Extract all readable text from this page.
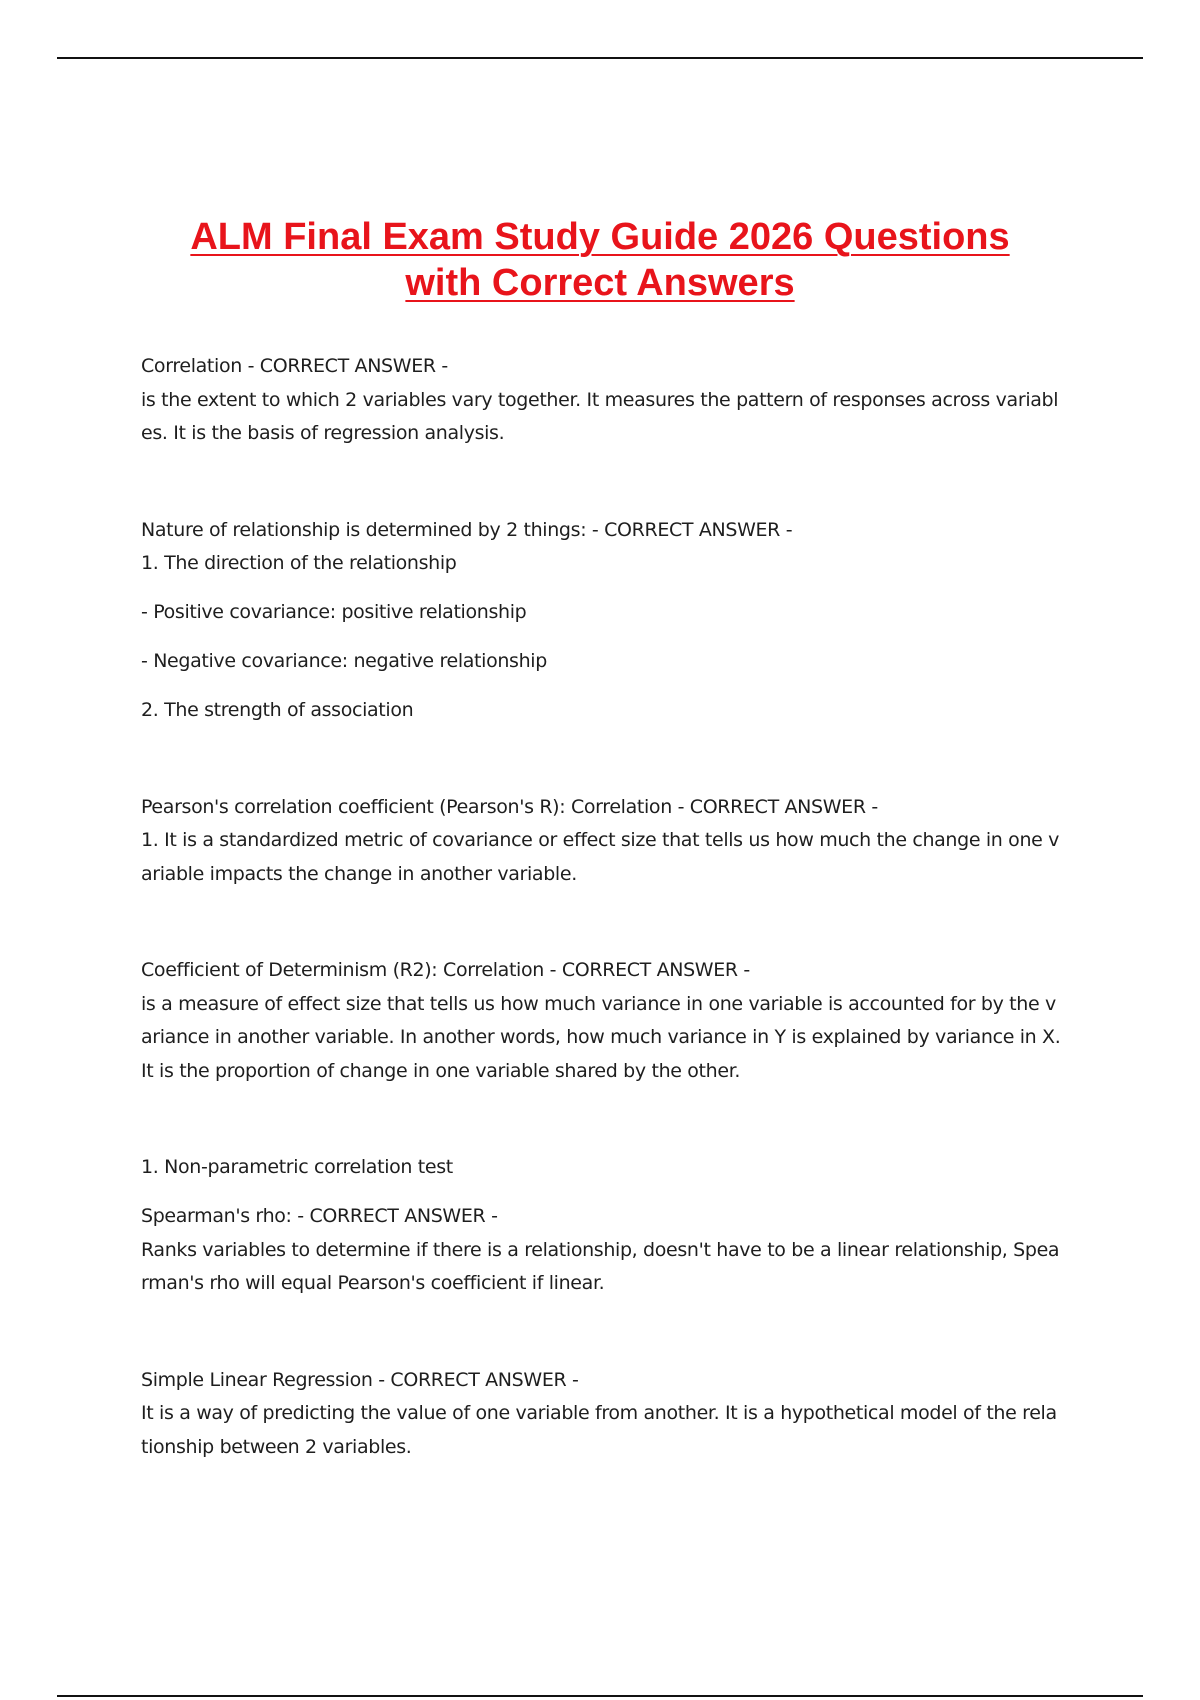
ALM Final Exam Study Guide 2026 Questions
with Correct Answers

Correlation - CORRECT ANSWER -

is the extent to which 2 variables vary together. It measures the pattern of responses across variables. It is the basis of regression analysis.

Nature of relationship is determined by 2 things: - CORRECT ANSWER -

1. The direction of the relationship

- Positive covariance: positive relationship

- Negative covariance: negative relationship

2. The strength of association

Pearson's correlation coefficient (Pearson's R): Correlation - CORRECT ANSWER -

1. It is a standardized metric of covariance or effect size that tells us how much the change in one variable impacts the change in another variable.

Coefficient of Determinism (R2): Correlation - CORRECT ANSWER -

is a measure of effect size that tells us how much variance in one variable is accounted for by the variance in another variable. In another words, how much variance in Y is explained by variance in X. It is the proportion of change in one variable shared by the other.

1. Non-parametric correlation test

Spearman's rho: - CORRECT ANSWER -

Ranks variables to determine if there is a relationship, doesn't have to be a linear relationship, Spearman's rho will equal Pearson's coefficient if linear.

Simple Linear Regression - CORRECT ANSWER -

It is a way of predicting the value of one variable from another. It is a hypothetical model of the relationship between 2 variables.
